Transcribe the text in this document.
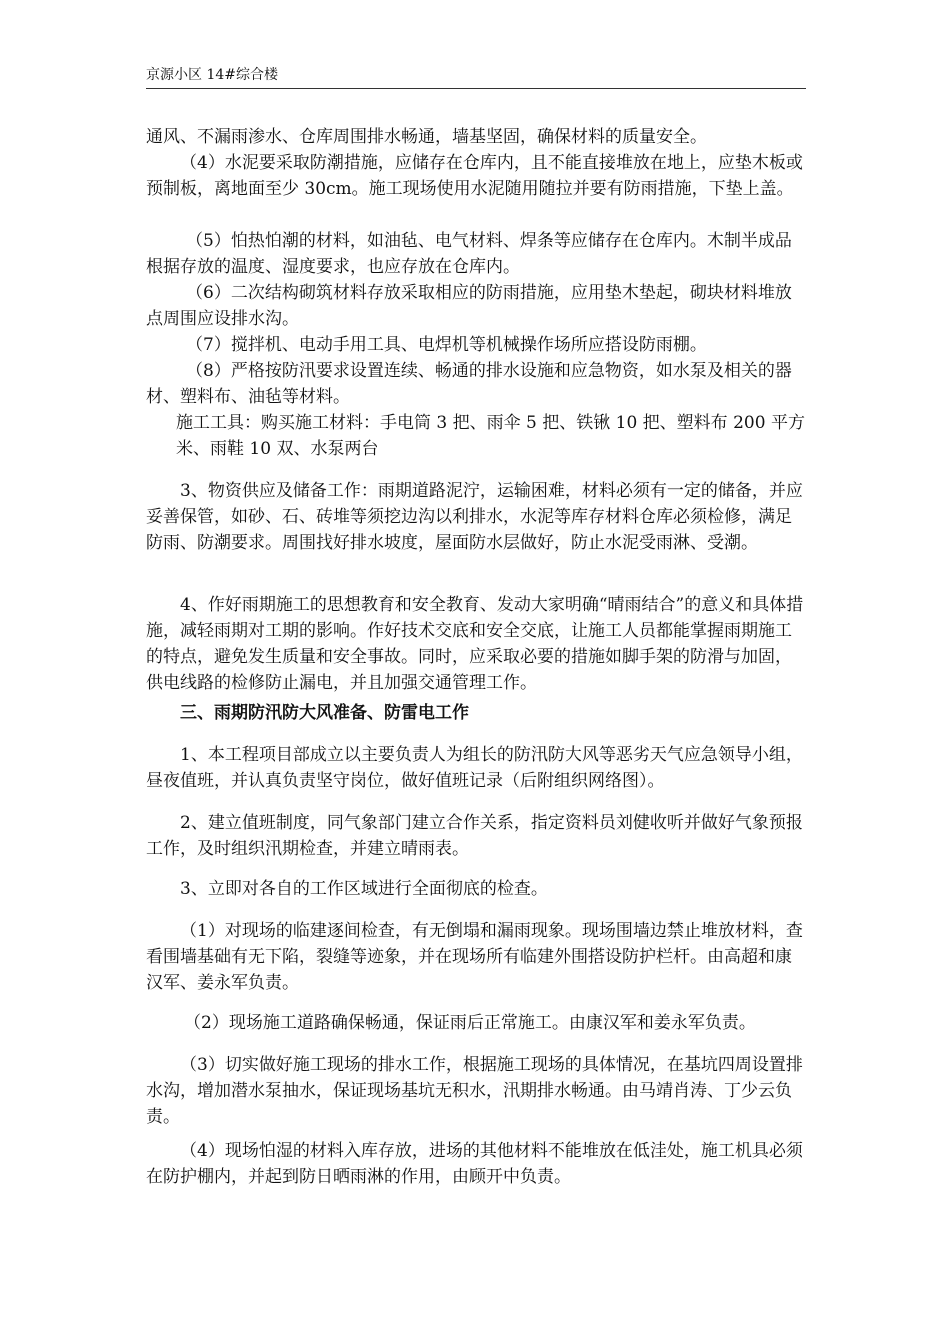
京源小区 14#综合楼

通风、不漏雨渗水、仓库周围排水畅通，墙基坚固，确保材料的质量安全。

（4）水泥要采取防潮措施，应储存在仓库内，且不能直接堆放在地上，应垫木板或预制板，离地面至少 30cm。施工现场使用水泥随用随拉并要有防雨措施，下垫上盖。

（5）怕热怕潮的材料，如油毡、电气材料、焊条等应储存在仓库内。木制半成品根据存放的温度、湿度要求，也应存放在仓库内。

（6）二次结构砌筑材料存放采取相应的防雨措施，应用垫木垫起，砌块材料堆放点周围应设排水沟。

（7）搅拌机、电动手用工具、电焊机等机械操作场所应搭设防雨棚。

（8）严格按防汛要求设置连续、畅通的排水设施和应急物资，如水泵及相关的器材、塑料布、油毡等材料。

施工工具：购买施工材料：手电筒 3 把、雨伞 5 把、铁锹 10 把、塑料布 200 平方米、雨鞋 10 双、水泵两台

3、物资供应及储备工作：雨期道路泥泞，运输困难，材料必须有一定的储备，并应妥善保管，如砂、石、砖堆等须挖边沟以利排水，水泥等库存材料仓库必须检修，满足防雨、防潮要求。周围找好排水坡度，屋面防水层做好，防止水泥受雨淋、受潮。

4、作好雨期施工的思想教育和安全教育、发动大家明确“晴雨结合”的意义和具体措施，减轻雨期对工期的影响。作好技术交底和安全交底，让施工人员都能掌握雨期施工的特点，避免发生质量和安全事故。同时，应采取必要的措施如脚手架的防滑与加固，供电线路的检修防止漏电，并且加强交通管理工作。

三、雨期防汛防大风准备、防雷电工作

1、本工程项目部成立以主要负责人为组长的防汛防大风等恶劣天气应急领导小组，昼夜值班，并认真负责坚守岗位，做好值班记录（后附组织网络图）。

2、建立值班制度，同气象部门建立合作关系，指定资料员刘健收听并做好气象预报工作，及时组织汛期检查，并建立晴雨表。

3、立即对各自的工作区域进行全面彻底的检查。

（1）对现场的临建逐间检查，有无倒塌和漏雨现象。现场围墙边禁止堆放材料，查看围墙基础有无下陷，裂缝等迹象，并在现场所有临建外围搭设防护栏杆。由高超和康汉军、姜永军负责。

（2）现场施工道路确保畅通，保证雨后正常施工。由康汉军和姜永军负责。

（3）切实做好施工现场的排水工作，根据施工现场的具体情况，在基坑四周设置排水沟，增加潜水泵抽水，保证现场基坑无积水，汛期排水畅通。由马靖肖涛、丁少云负责。

（4）现场怕湿的材料入库存放，进场的其他材料不能堆放在低洼处，施工机具必须在防护棚内，并起到防日晒雨淋的作用，由顾开中负责。
